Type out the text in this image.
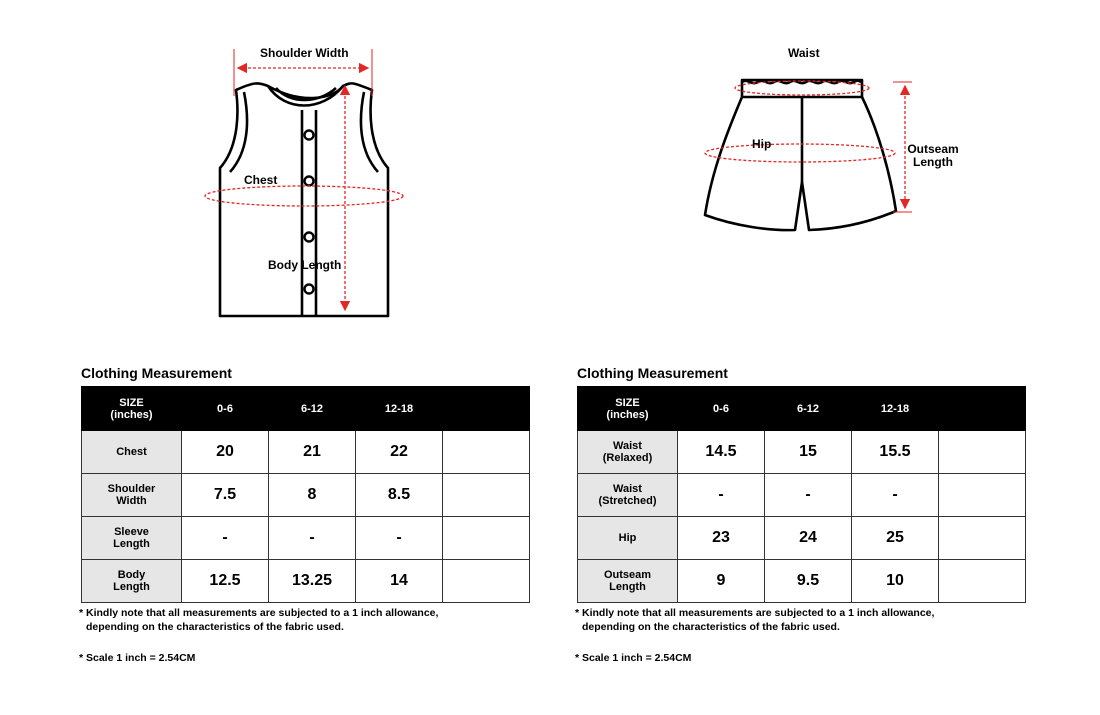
Shoulder Width
Chest
Body Length
Waist
Hip	Outseam
Length
Clothing Measurement
SIZE
(inches)	0-6	6-12	12-18	

Chest	20	21	22	

Shoulder
Width	7.5	8	8.5	

Sleeve
Length	-	-	-	

Body
Length	12.5	13.25	14	
* Kindly note that all measurements are subjected to a 1 inch allowance,
depending on the characteristics of the fabric used.
* Scale 1 inch = 2.54CM
Clothing Measurement
SIZE
(inches)	0-6	6-12	12-18	

Waist
(Relaxed)	14.5	15	15.5	

Waist
(Stretched)	-	-	-	

Hip	23	24	25	

Outseam
Length	9	9.5	10	
* Kindly note that all measurements are subjected to a 1 inch allowance,
depending on the characteristics of the fabric used.
* Scale 1 inch = 2.54CM
